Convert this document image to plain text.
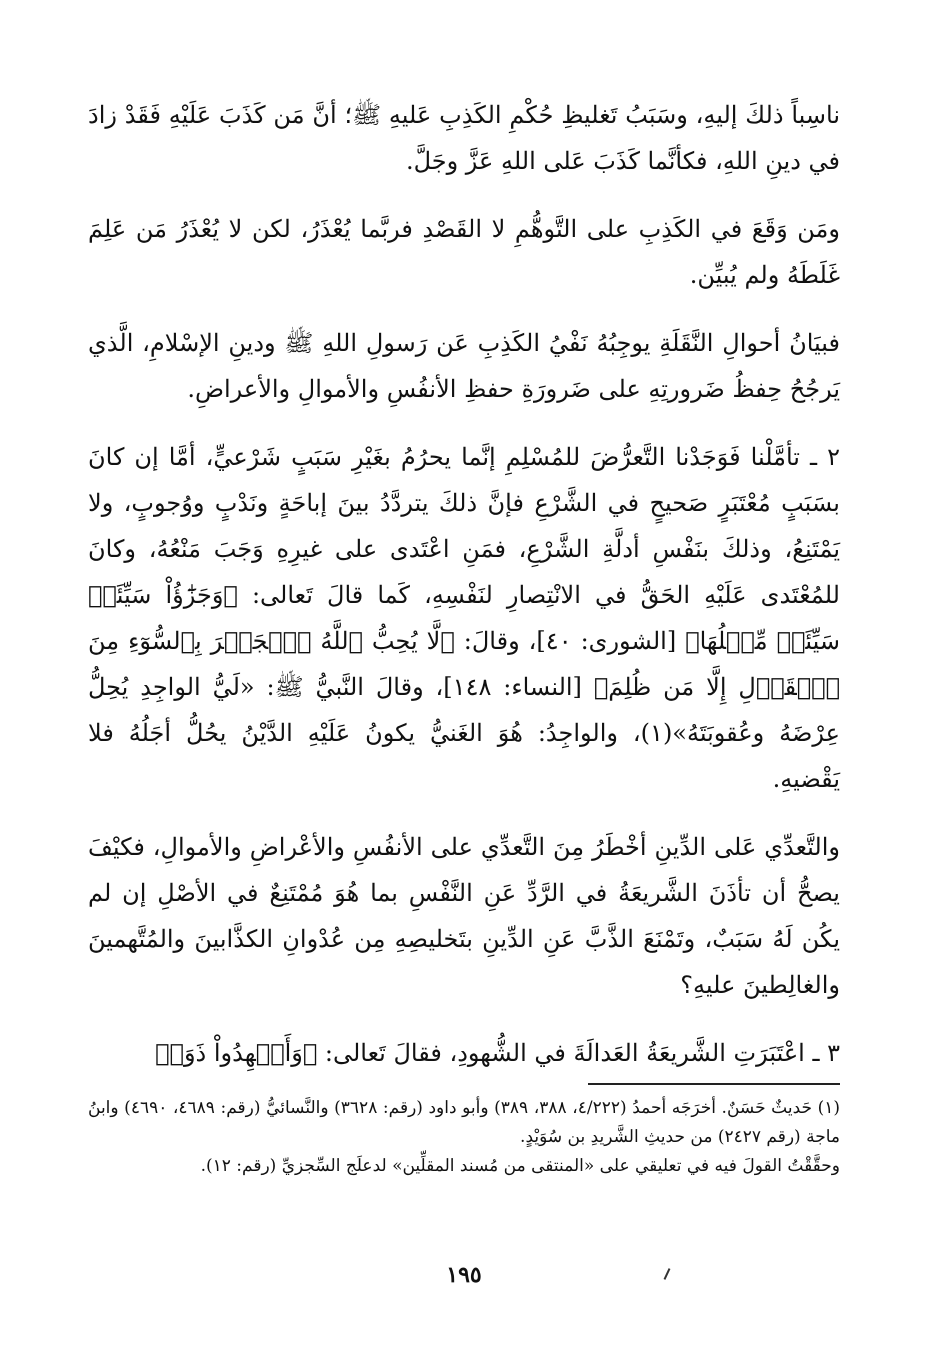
ناسِباً ذلكَ إليهِ، وسَبَبُ تَغليظِ حُكْمِ الكَذِبِ عَليهِ ﷺ؛ أنَّ مَن كَذَبَ عَلَيْهِ فَقَدْ زادَ في دينِ اللهِ، فكأنَّما كَذَبَ عَلى اللهِ عَزَّ وجَلَّ.

ومَن وَقَعَ في الكَذِبِ على التَّوهُّمِ لا القَصْدِ فربَّما يُعْذَرُ، لكن لا يُعْذَرُ مَن عَلِمَ غَلَطَهُ ولم يُبيِّن.

فبيَانُ أحوالِ النَّقَلَةِ يوجِبُهُ نَفْيُ الكَذِبِ عَن رَسولِ اللهِ ﷺ ودينِ الإسْلامِ، الَّذي يَرجُحُ حِفظُ ضَرورتِهِ على ضَرورَةِ حفظِ الأنفُسِ والأموالِ والأعراضِ.

٢ ـ تأمَّلْنا فَوَجَدْنا التَّعرُّضَ للمُسْلِمِ إنَّما يحرُمُ بغَيْرِ سَبَبٍ شَرْعيٍّ، أمَّا إن كانَ بسَبَبٍ مُعْتَبَرٍ صَحيحٍ في الشَّرْعِ فإنَّ ذلكَ يتردَّدُ بينَ إباحَةٍ ونَدْبٍ ووُجوبٍ، ولا يَمْتَنِعُ، وذلكَ بنَفْسِ أدلَّةِ الشَّرْعِ، فمَنِ اعْتَدى على غيرِهِ وَجَبَ مَنْعُهُ، وكانَ للمُعْتَدى عَلَيْهِ الحَقُّ في الانْتِصارِ لنَفْسِهِ، كَما قالَ تَعالى: ﴿وَجَزَٰٓؤُاْ سَيِّئَةٖ سَيِّئَةٞ مِّثۡلُهَا﴾ [الشورى: ٤٠]، وقالَ: ﴿لَّا يُحِبُّ ٱللَّهُ ٱلۡجَهۡرَ بِٱلسُّوٓءِ مِنَ ٱلۡقَوۡلِ إِلَّا مَن ظُلِمَ﴾ [النساء: ١٤٨]، وقالَ النَّبيُّ ﷺ: «لَيُّ الواجِدِ يُحِلُّ عِرْضَهُ وعُقوبَتَهُ»(١)، والواجِدُ: هُوَ الغَنيُّ يكونُ عَلَيْهِ الدَّيْنُ يحُلُّ أجَلُهُ فلا يَقْضيهِ.

والتَّعدِّي عَلى الدِّينِ أخْطَرُ مِنَ التَّعدِّي على الأنفُسِ والأعْراضِ والأموالِ، فكيْفَ يصحُّ أن تأذَنَ الشَّريعَةُ في الرَّدِّ عَنِ النَّفْسِ بما هُوَ مُمْتَنِعٌ في الأصْلِ إن لم يكُن لَهُ سَبَبٌ، وتَمْنَعَ الذَّبَّ عَنِ الدِّينِ بتَخليصِهِ مِن عُدْوانِ الكذَّابينَ والمُتَّهمينَ والغالِطينَ عليهِ؟

٣ ـ اعْتَبَرَتِ الشَّريعَةُ العَدالَةَ في الشُّهودِ، فقالَ تَعالى: ﴿وَأَشۡهِدُواْ ذَوَيۡ

(١) حَديثٌ حَسَنٌ. أخرَجَه أحمدُ (٤/٢٢٢، ٣٨٨، ٣٨٩) وأبو داود (رقم: ٣٦٢٨) والنَّسائيُّ (رقم: ٤٦٨٩، ٤٦٩٠) وابنُ ماجة (رقم ٢٤٢٧) من حديثِ الشَّريدِ بن سُوَيْدٍ.

وحقَّقْتُ القولَ فيه في تعليقي على «المنتقى من مُسند المقلِّين» لدعلَج السِّجزيِّ (رقم: ١٢).

١٩٥
